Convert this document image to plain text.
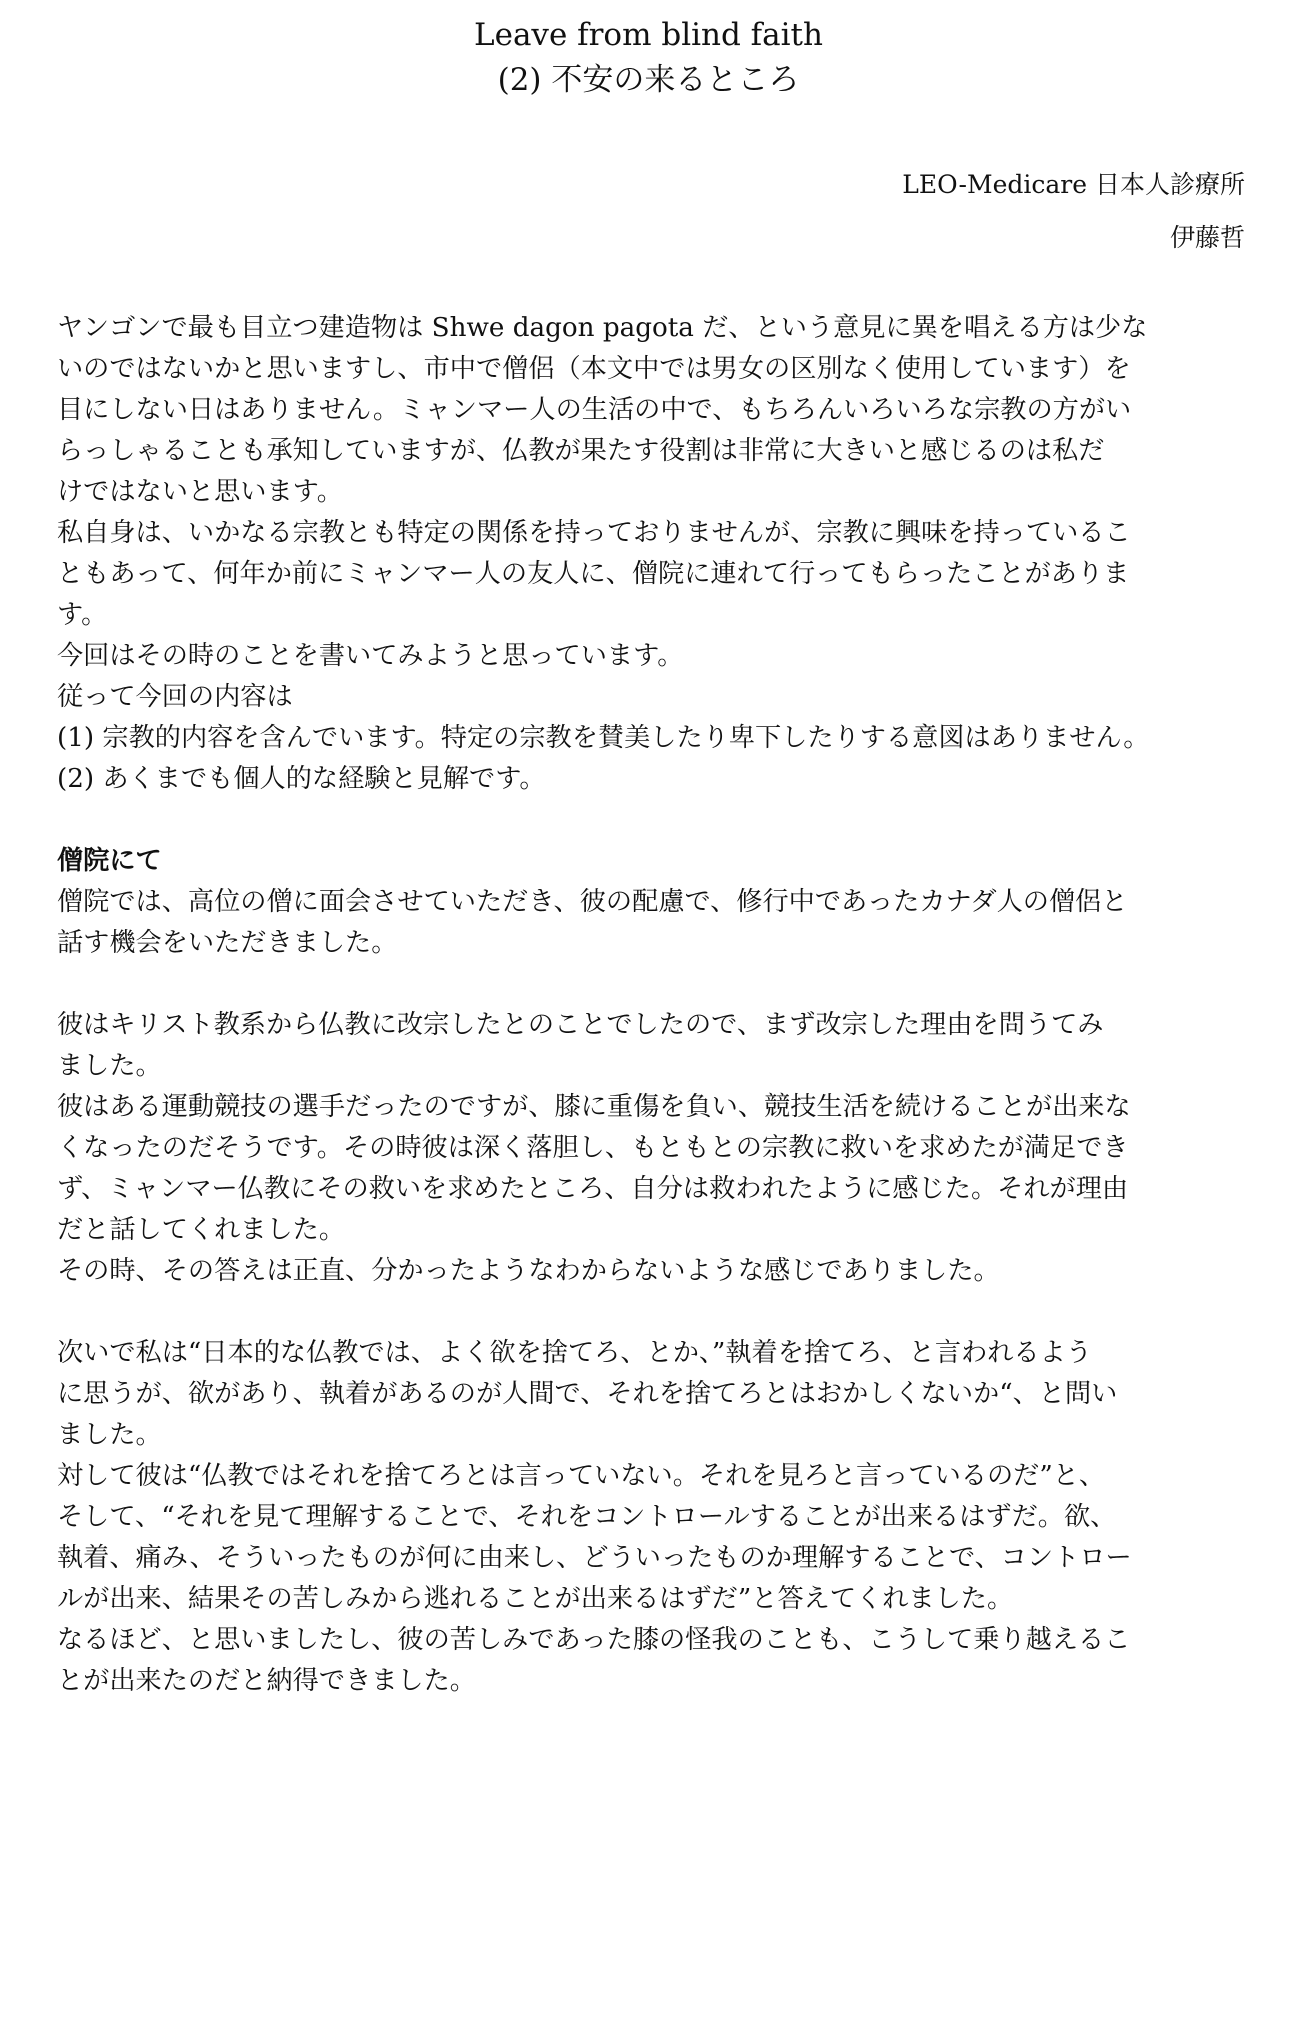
Leave from blind faith
(2) 不安の来るところ
LEO-Medicare 日本人診療所
伊藤哲
ヤンゴンで最も目立つ建造物は Shwe dagon pagota だ、という意見に異を唱える方は少な
いのではないかと思いますし、市中で僧侶（本文中では男女の区別なく使用しています）を
目にしない日はありません。ミャンマー人の生活の中で、もちろんいろいろな宗教の方がい
らっしゃることも承知していますが、仏教が果たす役割は非常に大きいと感じるのは私だ
けではないと思います。
私自身は、いかなる宗教とも特定の関係を持っておりませんが、宗教に興味を持っているこ
ともあって、何年か前にミャンマー人の友人に、僧院に連れて行ってもらったことがありま
す。
今回はその時のことを書いてみようと思っています。
従って今回の内容は
(1) 宗教的内容を含んでいます。特定の宗教を賛美したり卑下したりする意図はありません。
(2) あくまでも個人的な経験と見解です。
僧院にて
僧院では、高位の僧に面会させていただき、彼の配慮で、修行中であったカナダ人の僧侶と
話す機会をいただきました。
彼はキリスト教系から仏教に改宗したとのことでしたので、まず改宗した理由を問うてみ
ました。
彼はある運動競技の選手だったのですが、膝に重傷を負い、競技生活を続けることが出来な
くなったのだそうです。その時彼は深く落胆し、もともとの宗教に救いを求めたが満足でき
ず、ミャンマー仏教にその救いを求めたところ、自分は救われたように感じた。それが理由
だと話してくれました。
その時、その答えは正直、分かったようなわからないような感じでありました。
次いで私は“日本的な仏教では、よく欲を捨てろ、とか、”執着を捨てろ、と言われるよう
に思うが、欲があり、執着があるのが人間で、それを捨てろとはおかしくないか“、と問い
ました。
対して彼は“仏教ではそれを捨てろとは言っていない。それを見ろと言っているのだ”と、
そして、“それを見て理解することで、それをコントロールすることが出来るはずだ。欲、
執着、痛み、そういったものが何に由来し、どういったものか理解することで、コントロー
ルが出来、結果その苦しみから逃れることが出来るはずだ”と答えてくれました。
なるほど、と思いましたし、彼の苦しみであった膝の怪我のことも、こうして乗り越えるこ
とが出来たのだと納得できました。
